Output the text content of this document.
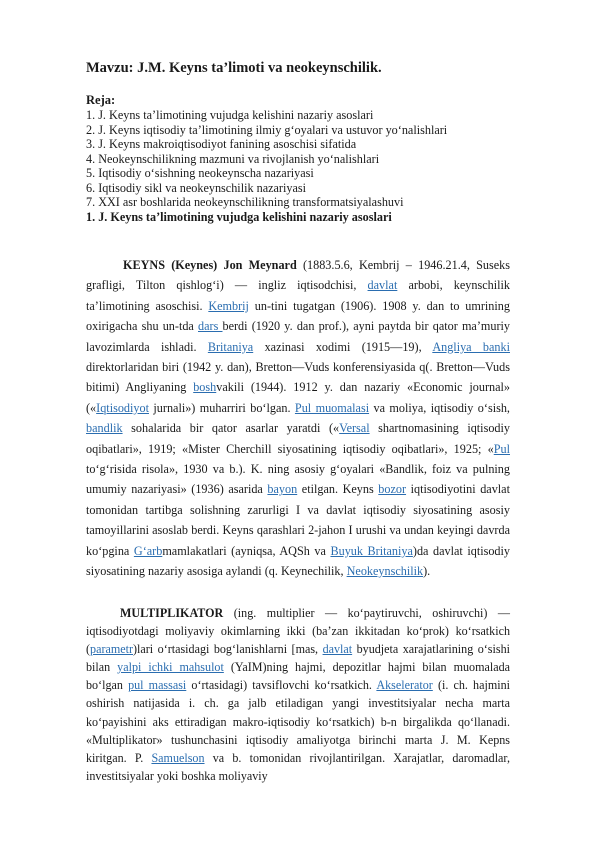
Mavzu: J.M. Keyns ta’limoti va neokeynschilik.
Reja:
1. J. Keyns ta’limotining vujudga kelishini nazariy asoslari
2. J. Keyns iqtisodiy ta’limotining ilmiy g‘oyalari va ustuvor yo‘nalishlari
3. J. Keyns makroiqtisodiyot fanining asoschisi sifatida
4. Neokeynschilikning mazmuni va rivojlanish yo‘nalishlari
5. Iqtisodiy o‘sishning neokeynscha nazariyasi
6. Iqtisodiy sikl va neokeynschilik nazariyasi
7. XXI asr boshlarida neokeynschilikning transformatsiyalashuvi
1. J. Keyns ta’limotining vujudga kelishini nazariy asoslari
KEYNS (Keynes) Jon Meynard (1883.5.6, Kembrij – 1946.21.4, Suseks grafligi, Tilton qishlog‘i) — ingliz iqtisodchisi, davlat arbobi, keynschilik ta’limotining asoschisi. Kembrij un-tini tugatgan (1906). 1908 y. dan to umrining oxirigacha shu un-tda dars berdi (1920 y. dan prof.), ayni paytda bir qator ma’muriy lavozimlarda ishladi. Britaniya xazinasi xodimi (1915—19), Angliya banki direktorlaridan biri (1942 y. dan), Bretton—Vuds konferensiyasida q(. Bretton—Vuds bitimi) Angliyaning boshvakili (1944). 1912 y. dan nazariy «Economic journal» («Iqtisodiyot jurnali») muharriri bo‘lgan. Pul muomalasi va moliya, iqtisodiy o‘sish, bandlik sohalarida bir qator asarlar yaratdi («Versal shartnomasining iqtisodiy oqibatlari», 1919; «Mister Cherchill siyosatining iqtisodiy oqibatlari», 1925; «Pul to‘g‘risida risola», 1930 va b.). K. ning asosiy g‘oyalari «Bandlik, foiz va pulning umumiy nazariyasi» (1936) asarida bayon etilgan. Keyns bozor iqtisodiyotini davlat tomonidan tartibga solishning zarurligi I va davlat iqtisodiy siyosatining asosiy tamoyillarini asoslab berdi. Keyns qarashlari 2-jahon I urushi va undan keyingi davrda ko‘pgina G‘arbmamlakatlari (ayniqsa, AQSh va Buyuk Britaniya)da davlat iqtisodiy siyosatining nazariy asosiga aylandi (q. Keynechilik, Neokeynschilik).
MULTIPLIKATOR (ing. multiplier — ko‘paytiruvchi, oshiruvchi) — iqtisodiyotdagi moliyaviy okimlarning ikki (ba’zan ikkitadan ko‘prok) ko‘rsatkich (parametr)lari o‘rtasidagi bog‘lanishlarni [mas, davlat byudjeta xarajatlarining o‘sishi bilan yalpi ichki mahsulot (YaIM)ning hajmi, depozitlar hajmi bilan muomalada bo‘lgan pul massasi o‘rtasidagi) tavsiflovchi ko‘rsatkich. Akselerator (i. ch. hajmini oshirish natijasida i. ch. ga jalb etiladigan yangi investitsiyalar necha marta ko‘payishini aks ettiradigan makro-iqtisodiy ko‘rsatkich) b-n birgalikda qo‘llanadi. «Multiplikator» tushunchasini iqtisodiy amaliyotga birinchi marta J. M. Kepns kiritgan. P. Samuelson va b. tomonidan rivojlantirilgan. Xarajatlar, daromadlar, investitsiyalar yoki boshka moliyaviy
